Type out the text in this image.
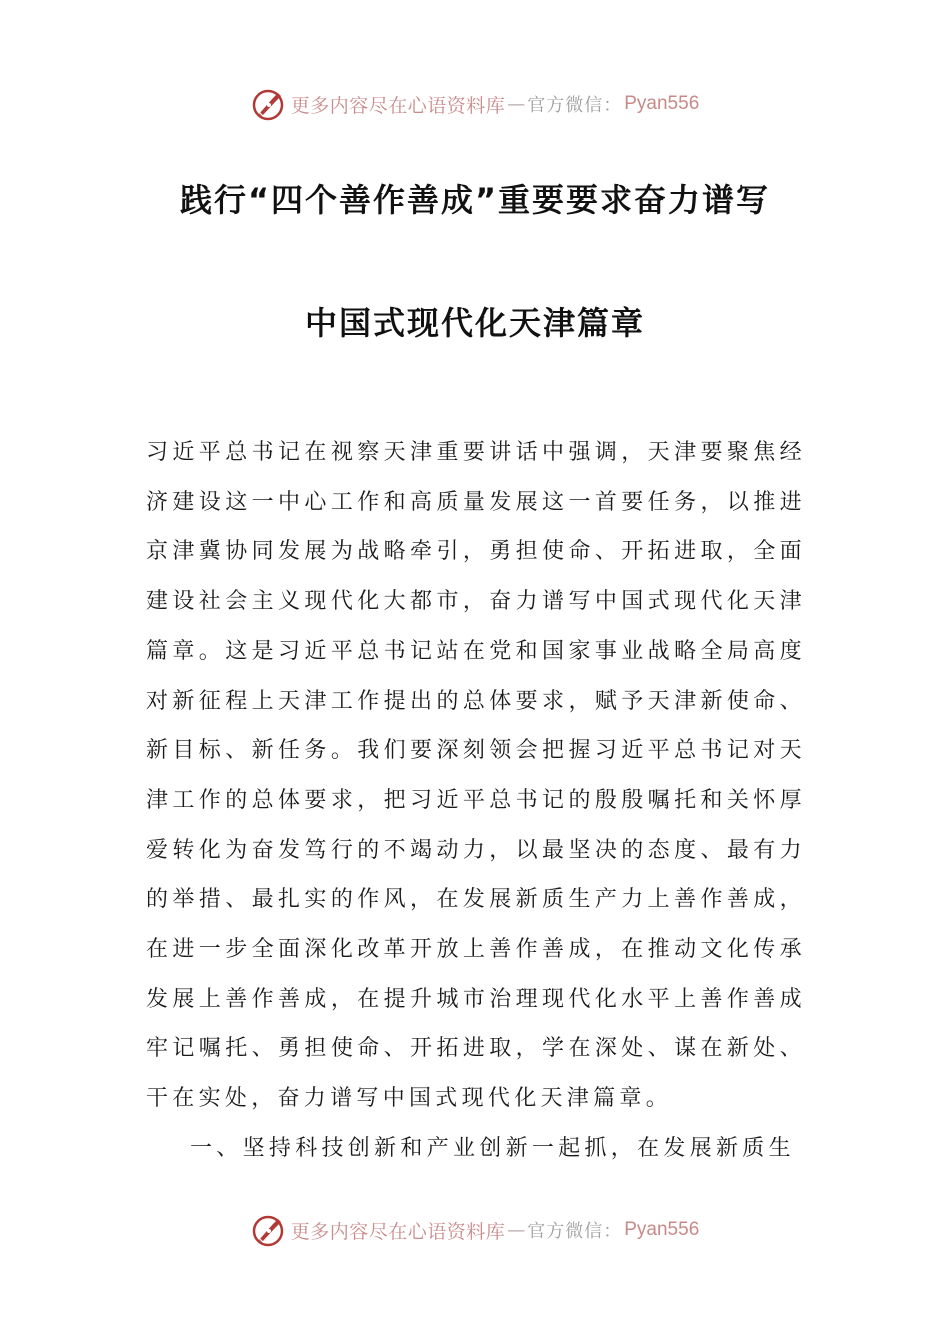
更多内容尽在心语资料库 — 官方微信： Pyan556
践行“四个善作善成”重要要求奋力谱写
中国式现代化天津篇章

习近平总书记在视察天津重要讲话中强调，天津要聚焦经济建设这一中心工作和高质量发展这一首要任务，以推进京津冀协同发展为战略牵引，勇担使命、开拓进取，全面建设社会主义现代化大都市，奋力谱写中国式现代化天津篇章。这是习近平总书记站在党和国家事业战略全局高度对新征程上天津工作提出的总体要求，赋予天津新使命、新目标、新任务。我们要深刻领会把握习近平总书记对天津工作的总体要求，把习近平总书记的殷殷嘱托和关怀厚爱转化为奋发笃行的不竭动力，以最坚决的态度、最有力的举措、最扎实的作风，在发展新质生产力上善作善成，在进一步全面深化改革开放上善作善成，在推动文化传承发展上善作善成，在提升城市治理现代化水平上善作善成牢记嘱托、勇担使命、开拓进取，学在深处、谋在新处、干在实处，奋力谱写中国式现代化天津篇章。

一、坚持科技创新和产业创新一起抓，在发展新质生

更多内容尽在心语资料库 — 官方微信： Pyan556
